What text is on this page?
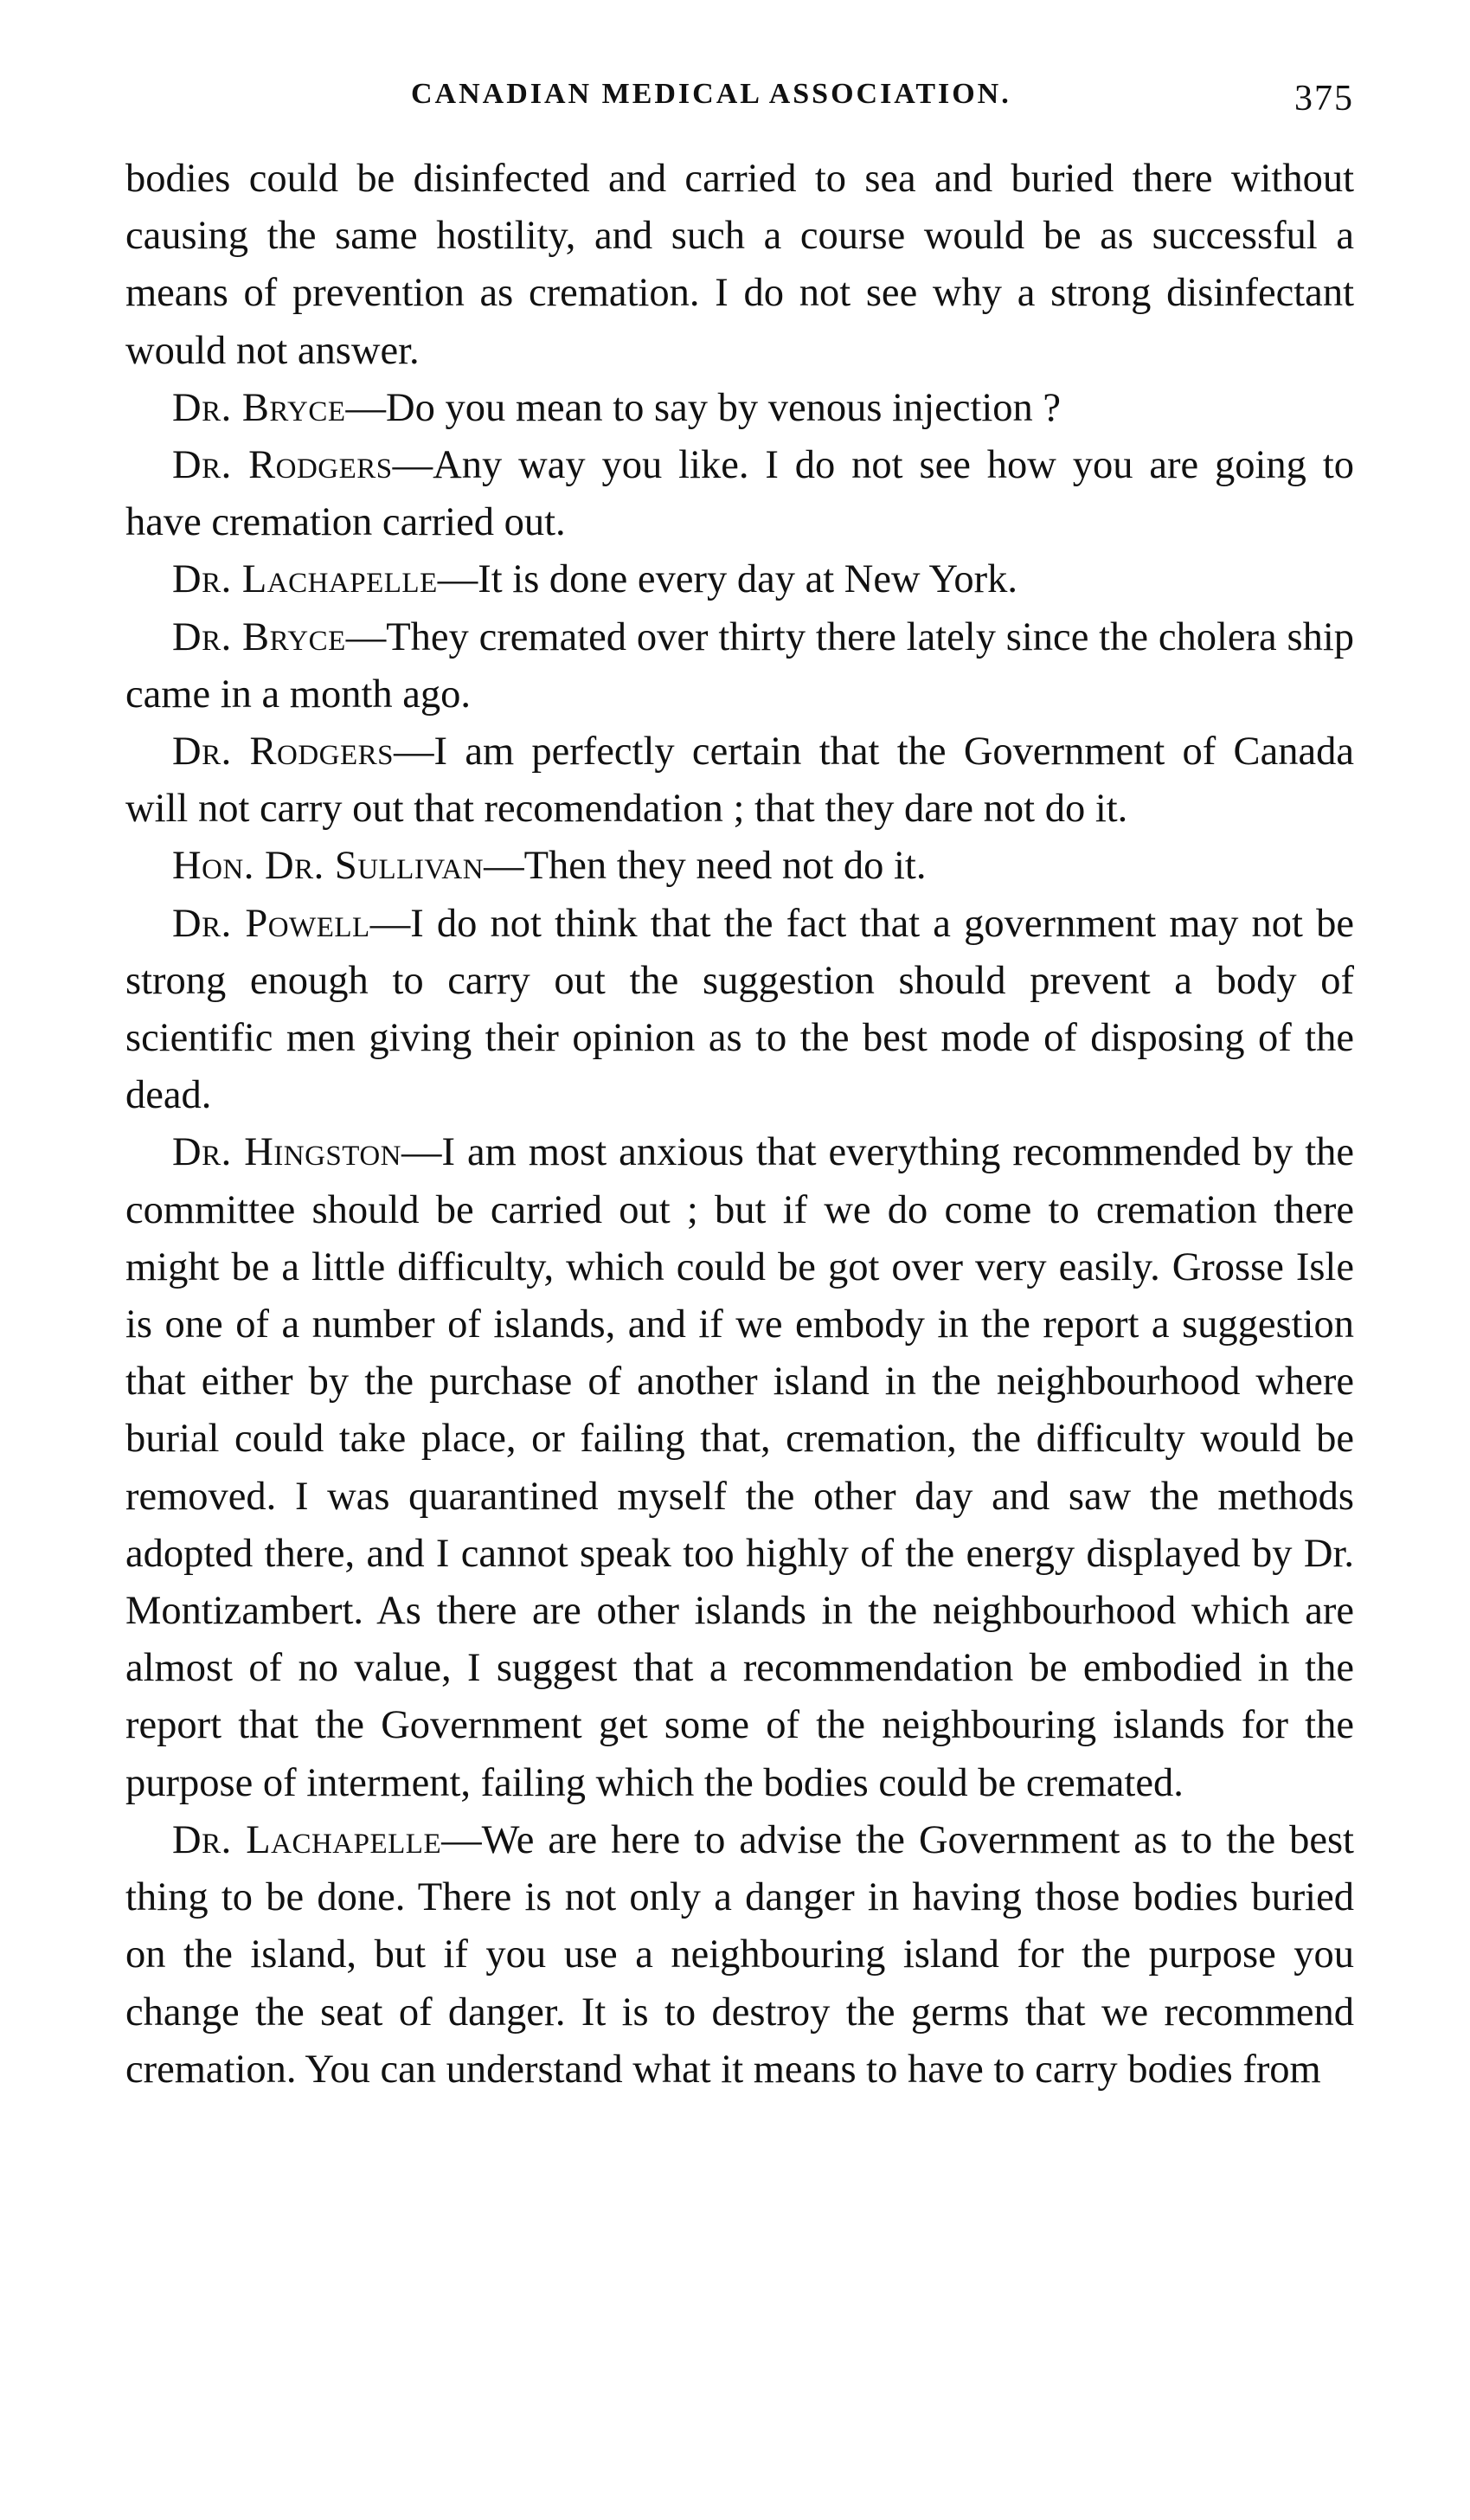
CANADIAN MEDICAL ASSOCIATION.	375

bodies could be disinfected and carried to sea and buried there without causing the same hostility, and such a course would be as successful a means of prevention as cremation. I do not see why a strong disinfectant would not answer.

Dr. Bryce—Do you mean to say by venous injection ?

Dr. Rodgers—Any way you like. I do not see how you are going to have cremation carried out.

Dr. Lachapelle—It is done every day at New York.

Dr. Bryce—They cremated over thirty there lately since the cholera ship came in a month ago.

Dr. Rodgers—I am perfectly certain that the Government of Canada will not carry out that recomendation ; that they dare not do it.

Hon. Dr. Sullivan—Then they need not do it.

Dr. Powell—I do not think that the fact that a government may not be strong enough to carry out the suggestion should prevent a body of scientific men giving their opinion as to the best mode of disposing of the dead.

Dr. Hingston—I am most anxious that everything recommended by the committee should be carried out ; but if we do come to cremation there might be a little difficulty, which could be got over very easily. Grosse Isle is one of a number of islands, and if we embody in the report a suggestion that either by the purchase of another island in the neighbourhood where burial could take place, or failing that, cremation, the difficulty would be removed. I was quarantined myself the other day and saw the methods adopted there, and I cannot speak too highly of the energy displayed by Dr. Montizambert. As there are other islands in the neighbourhood which are almost of no value, I suggest that a recommendation be embodied in the report that the Government get some of the neighbouring islands for the purpose of interment, failing which the bodies could be cremated.

Dr. Lachapelle—We are here to advise the Government as to the best thing to be done. There is not only a danger in having those bodies buried on the island, but if you use a neighbouring island for the purpose you change the seat of danger. It is to destroy the germs that we recommend cremation. You can understand what it means to have to carry bodies from
